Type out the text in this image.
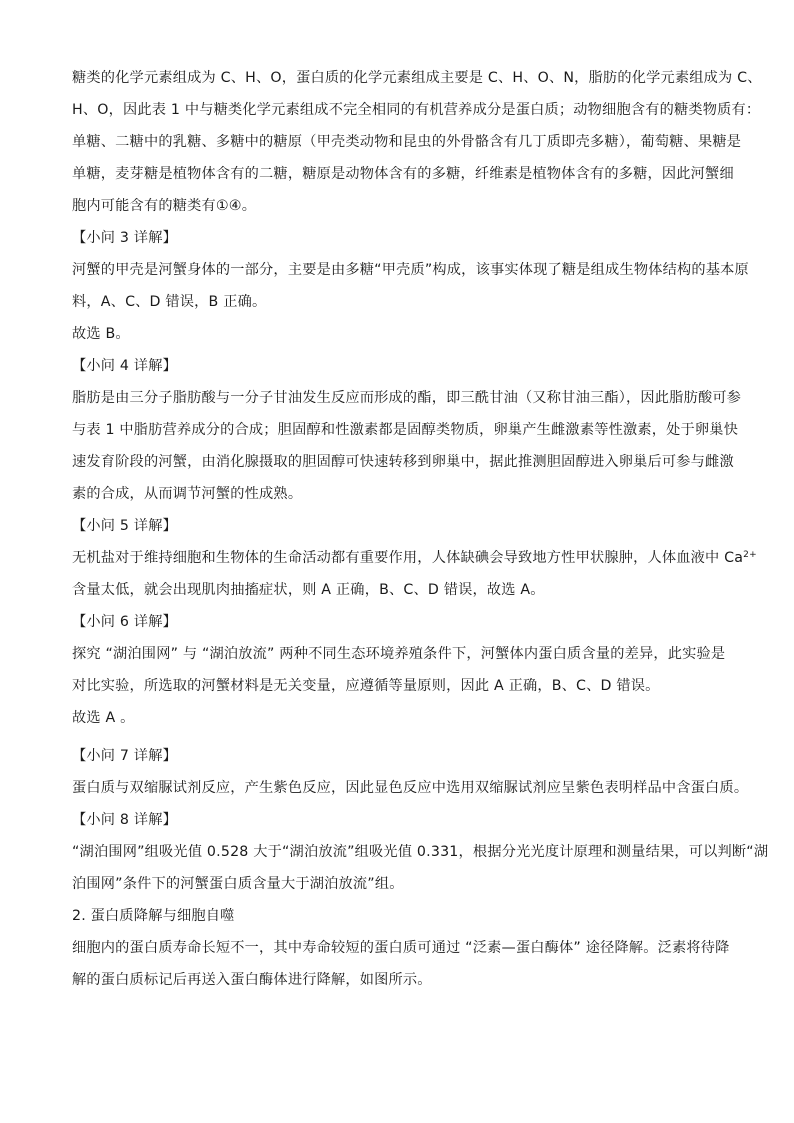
糖类的化学元素组成为 C、H、O，蛋白质的化学元素组成主要是 C、H、O、N，脂肪的化学元素组成为 C、
H、O，因此表 1 中与糖类化学元素组成不完全相同的有机营养成分是蛋白质；动物细胞含有的糖类物质有：
单糖、二糖中的乳糖、多糖中的糖原（甲壳类动物和昆虫的外骨骼含有几丁质即壳多糖），葡萄糖、果糖是
单糖，麦芽糖是植物体含有的二糖，糖原是动物体含有的多糖，纤维素是植物体含有的多糖，因此河蟹细
胞内可能含有的糖类有①④。
【小问 3 详解】
河蟹的甲壳是河蟹身体的一部分，主要是由多糖“甲壳质”构成，该事实体现了糖是组成生物体结构的基本原
料，A、C、D 错误，B 正确。
故选 B。
【小问 4 详解】
脂肪是由三分子脂肪酸与一分子甘油发生反应而形成的酯，即三酰甘油（又称甘油三酯），因此脂肪酸可参
与表 1 中脂肪营养成分的合成；胆固醇和性激素都是固醇类物质，卵巢产生雌激素等性激素，处于卵巢快
速发育阶段的河蟹，由消化腺摄取的胆固醇可快速转移到卵巢中，据此推测胆固醇进入卵巢后可参与雌激
素的合成，从而调节河蟹的性成熟。
【小问 5 详解】
无机盐对于维持细胞和生物体的生命活动都有重要作用，人体缺碘会导致地方性甲状腺肿，人体血液中 $Ca^{2+}$
含量太低，就会出现肌肉抽搐症状，则 A 正确，B、C、D 错误，故选 A。
【小问 6 详解】
探究 “湖泊围网” 与 “湖泊放流” 两种不同生态环境养殖条件下，河蟹体内蛋白质含量的差异，此实验是
对比实验，所选取的河蟹材料是无关变量，应遵循等量原则，因此 A 正确，B、C、D 错误。
故选 A 。
【小问 7 详解】
蛋白质与双缩脲试剂反应，产生紫色反应，因此显色反应中选用双缩脲试剂应呈紫色表明样品中含蛋白质。
【小问 8 详解】
“湖泊围网”组吸光值 0.528 大于“湖泊放流”组吸光值 0.331，根据分光光度计原理和测量结果，可以判断“湖
泊围网”条件下的河蟹蛋白质含量大于湖泊放流”组。
2. 蛋白质降解与细胞自噬
细胞内的蛋白质寿命长短不一，其中寿命较短的蛋白质可通过 “泛素—蛋白酶体” 途径降解。泛素将待降
解的蛋白质标记后再送入蛋白酶体进行降解，如图所示。
